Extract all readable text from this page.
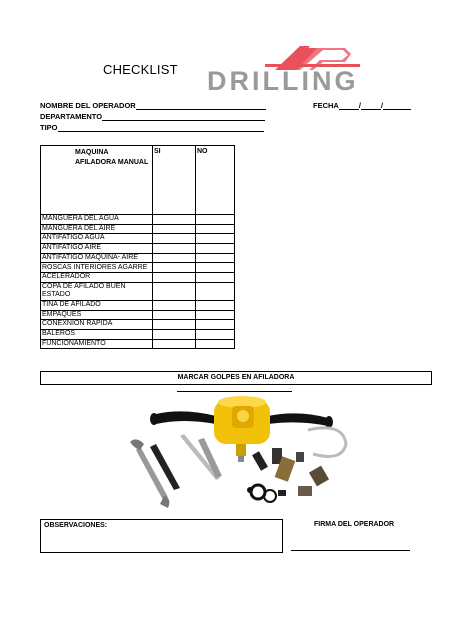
CHECKLIST DRILLING
NOMBRE DEL OPERADOR	FECHA	/	/
DEPARTAMENTO
TIPO
MAQUINA AFILADORA MANUAL	SI	NO
MANGUERA DEL AGUA		
MANGUERA DEL AIRE		
ANTIFATIGO AGUA		
ANTIFATIGO AIRE		
ANTIFATIGO MAQUINA- AIRE		
ROSCAS INTERIORES AGARRE		
ACELERADOR		
COPA DE AFILADO BUEN ESTADO		
TINA DE AFILADO		
EMPAQUES		
CONEXNION RAPIDA		
BALEROS		
FUNCIONAMIENTO		
MARCAR GOLPES EN AFILADORA
OBSERVACIONES:	FIRMA DEL OPERADOR
